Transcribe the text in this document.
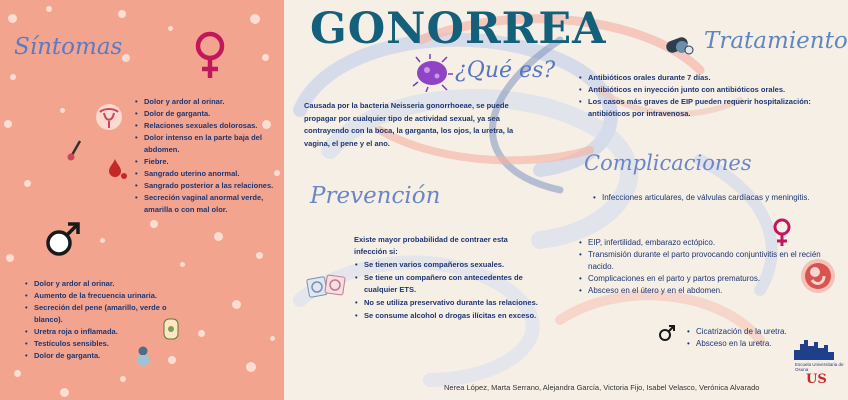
GONORREA
Síntomas
¿Qué es?
Tratamiento
Complicaciones
Prevención
• Dolor y ardor al orinar.
• Dolor de garganta.
• Relaciones sexuales dolorosas.
• Dolor intenso en la parte baja del abdomen.
• Fiebre.
• Sangrado uterino anormal.
• Sangrado posterior a las relaciones.
• Secreción vaginal anormal verde, amarilla o con mal olor.
• Dolor y ardor al orinar.
• Aumento de la frecuencia urinaria.
• Secreción del pene (amarillo, verde o blanco).
• Uretra roja o inflamada.
• Testículos sensibles.
• Dolor de garganta.
Causada por la bacteria Neisseria gonorrhoeae, se puede propagar por cualquier tipo de actividad sexual, ya sea contrayendo con la boca, la garganta, los ojos, la uretra, la vagina, el pene y el ano.
• Antibióticos orales durante 7 días.
• Antibióticos en inyección junto con antibióticos orales.
• Los casos más graves de EIP pueden requerir hospitalización: antibióticos por intravenosa.
• Infecciones articulares, de válvulas cardíacas y meningitis.
• EIP, infertilidad, embarazo ectópico.
• Transmisión durante el parto provocando conjuntivitis en el recién nacido.
• Complicaciones en el parto y partos prematuros.
• Absceso en el útero y en el abdomen.
• Cicatrización de la uretra.
• Absceso en la uretra.
Existe mayor probabilidad de contraer esta infección si:
• Se tienen varios compañeros sexuales.
• Se tiene un compañero con antecedentes de cualquier ETS.
• No se utiliza preservativo durante las relaciones.
• Se consume alcohol o drogas ilícitas en exceso.
Escuela Universitaria de Osuna
US
Nerea López, Marta Serrano, Alejandra García, Victoria Fijo, Isabel Velasco, Verónica Alvarado
